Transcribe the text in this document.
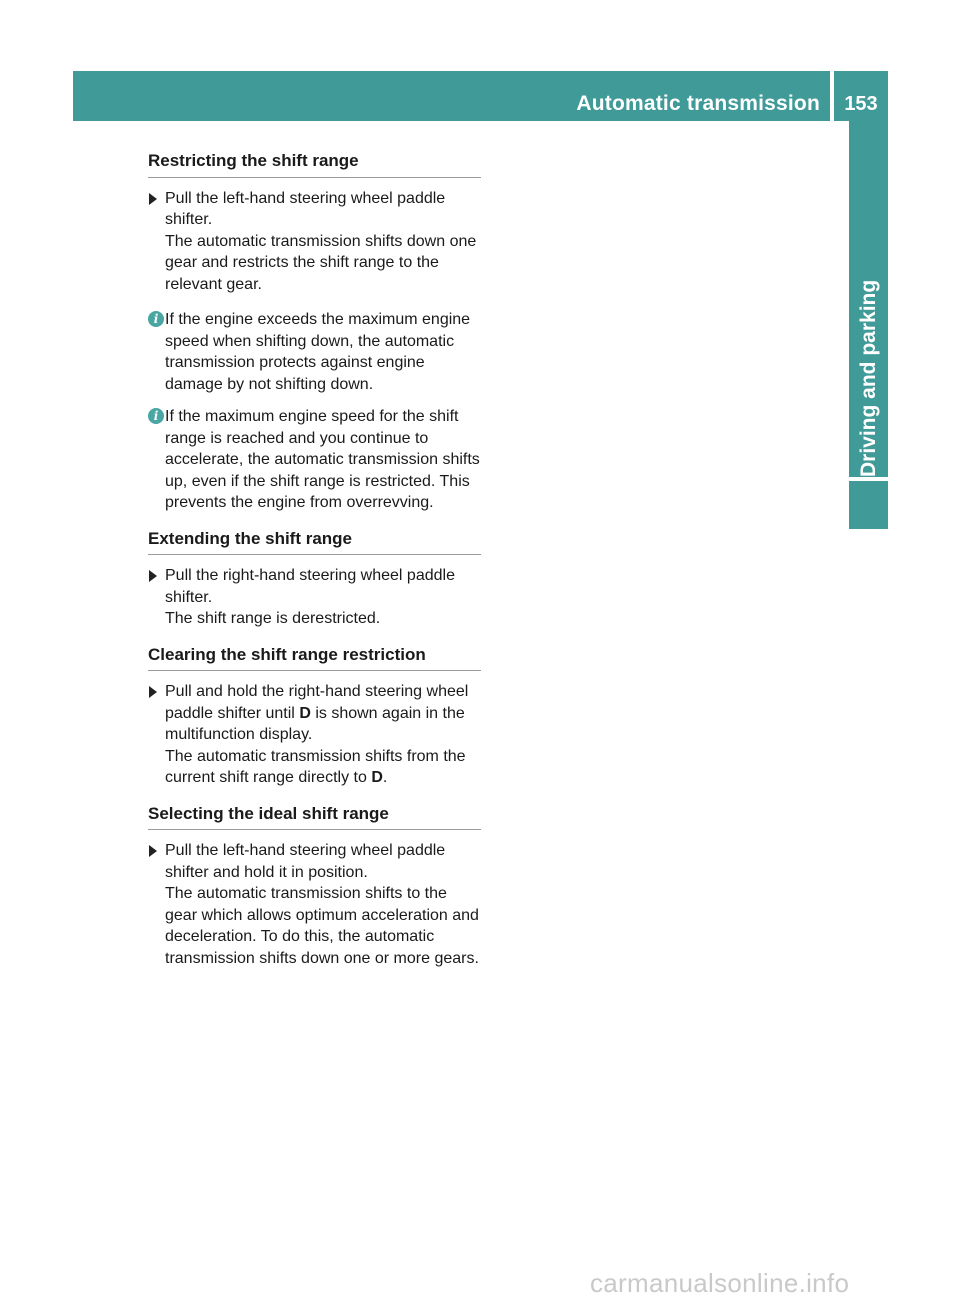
Automatic transmission	153
Driving and parking
Restricting the shift range
Pull the left-hand steering wheel paddle shifter.
The automatic transmission shifts down one gear and restricts the shift range to the relevant gear.
i If the engine exceeds the maximum engine speed when shifting down, the automatic transmission protects against engine damage by not shifting down.
i If the maximum engine speed for the shift range is reached and you continue to accelerate, the automatic transmission shifts up, even if the shift range is restricted. This prevents the engine from overrevving.
Extending the shift range
Pull the right-hand steering wheel paddle shifter.
The shift range is derestricted.
Clearing the shift range restriction
Pull and hold the right-hand steering wheel paddle shifter until D is shown again in the multifunction display.
The automatic transmission shifts from the current shift range directly to D.
Selecting the ideal shift range
Pull the left-hand steering wheel paddle shifter and hold it in position.
The automatic transmission shifts to the gear which allows optimum acceleration and deceleration. To do this, the automatic transmission shifts down one or more gears.
carmanualsonline.info
